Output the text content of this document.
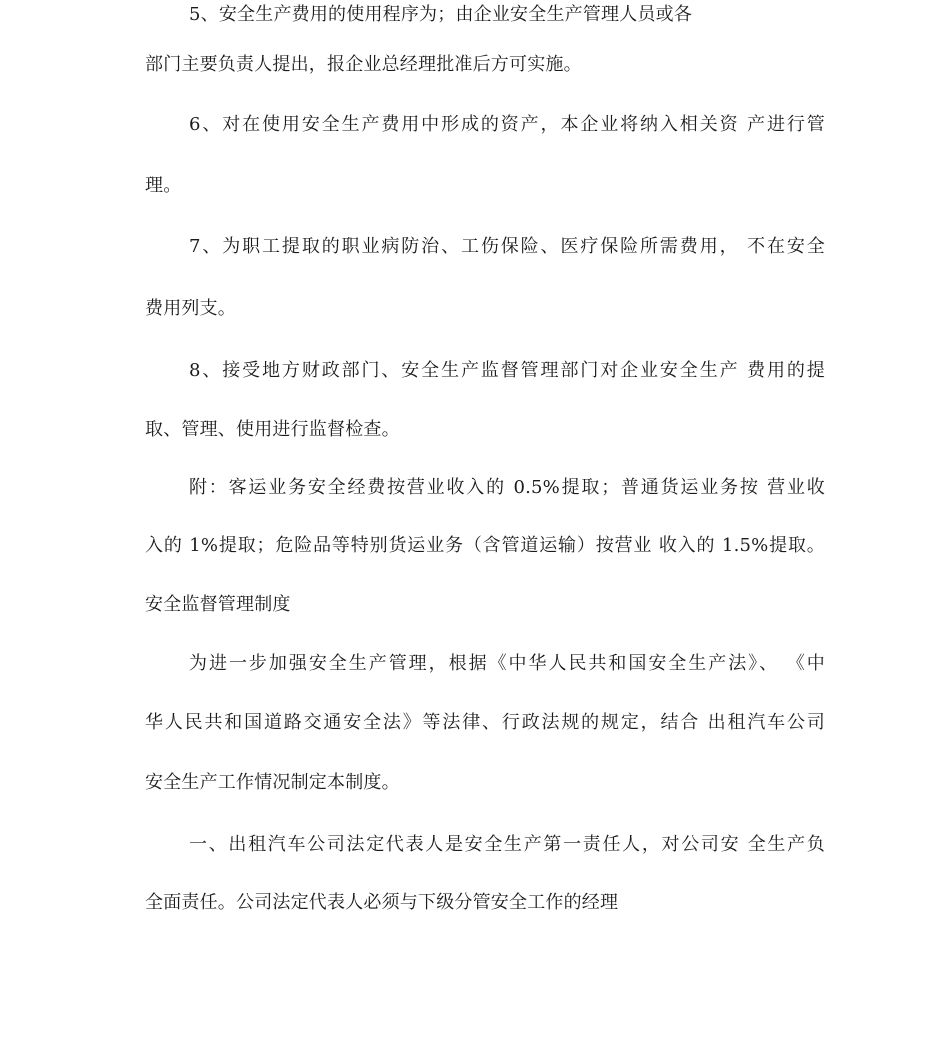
5、安全生产费用的使用程序为；由企业安全生产管理人员或各
部门主要负责人提出，报企业总经理批准后方可实施。
6、对在使用安全生产费用中形成的资产，本企业将纳入相关资 产进行管
理。
7、为职工提取的职业病防治、工伤保险、医疗保险所需费用， 不在安全
费用列支。
8、接受地方财政部门、安全生产监督管理部门对企业安全生产 费用的提
取、管理、使用进行监督检查。
附：客运业务安全经费按营业收入的 0.5%提取；普通货运业务按 营业收
入的 1%提取；危险品等特别货运业务（含管道运输）按营业 收入的 1.5%提取。
安全监督管理制度
为进一步加强安全生产管理，根据《中华人民共和国安全生产法》、 《中
华人民共和国道路交通安全法》等法律、行政法规的规定，结合 出租汽车公司
安全生产工作情况制定本制度。
一、出租汽车公司法定代表人是安全生产第一责任人，对公司安 全生产负
全面责任。公司法定代表人必须与下级分管安全工作的经理
